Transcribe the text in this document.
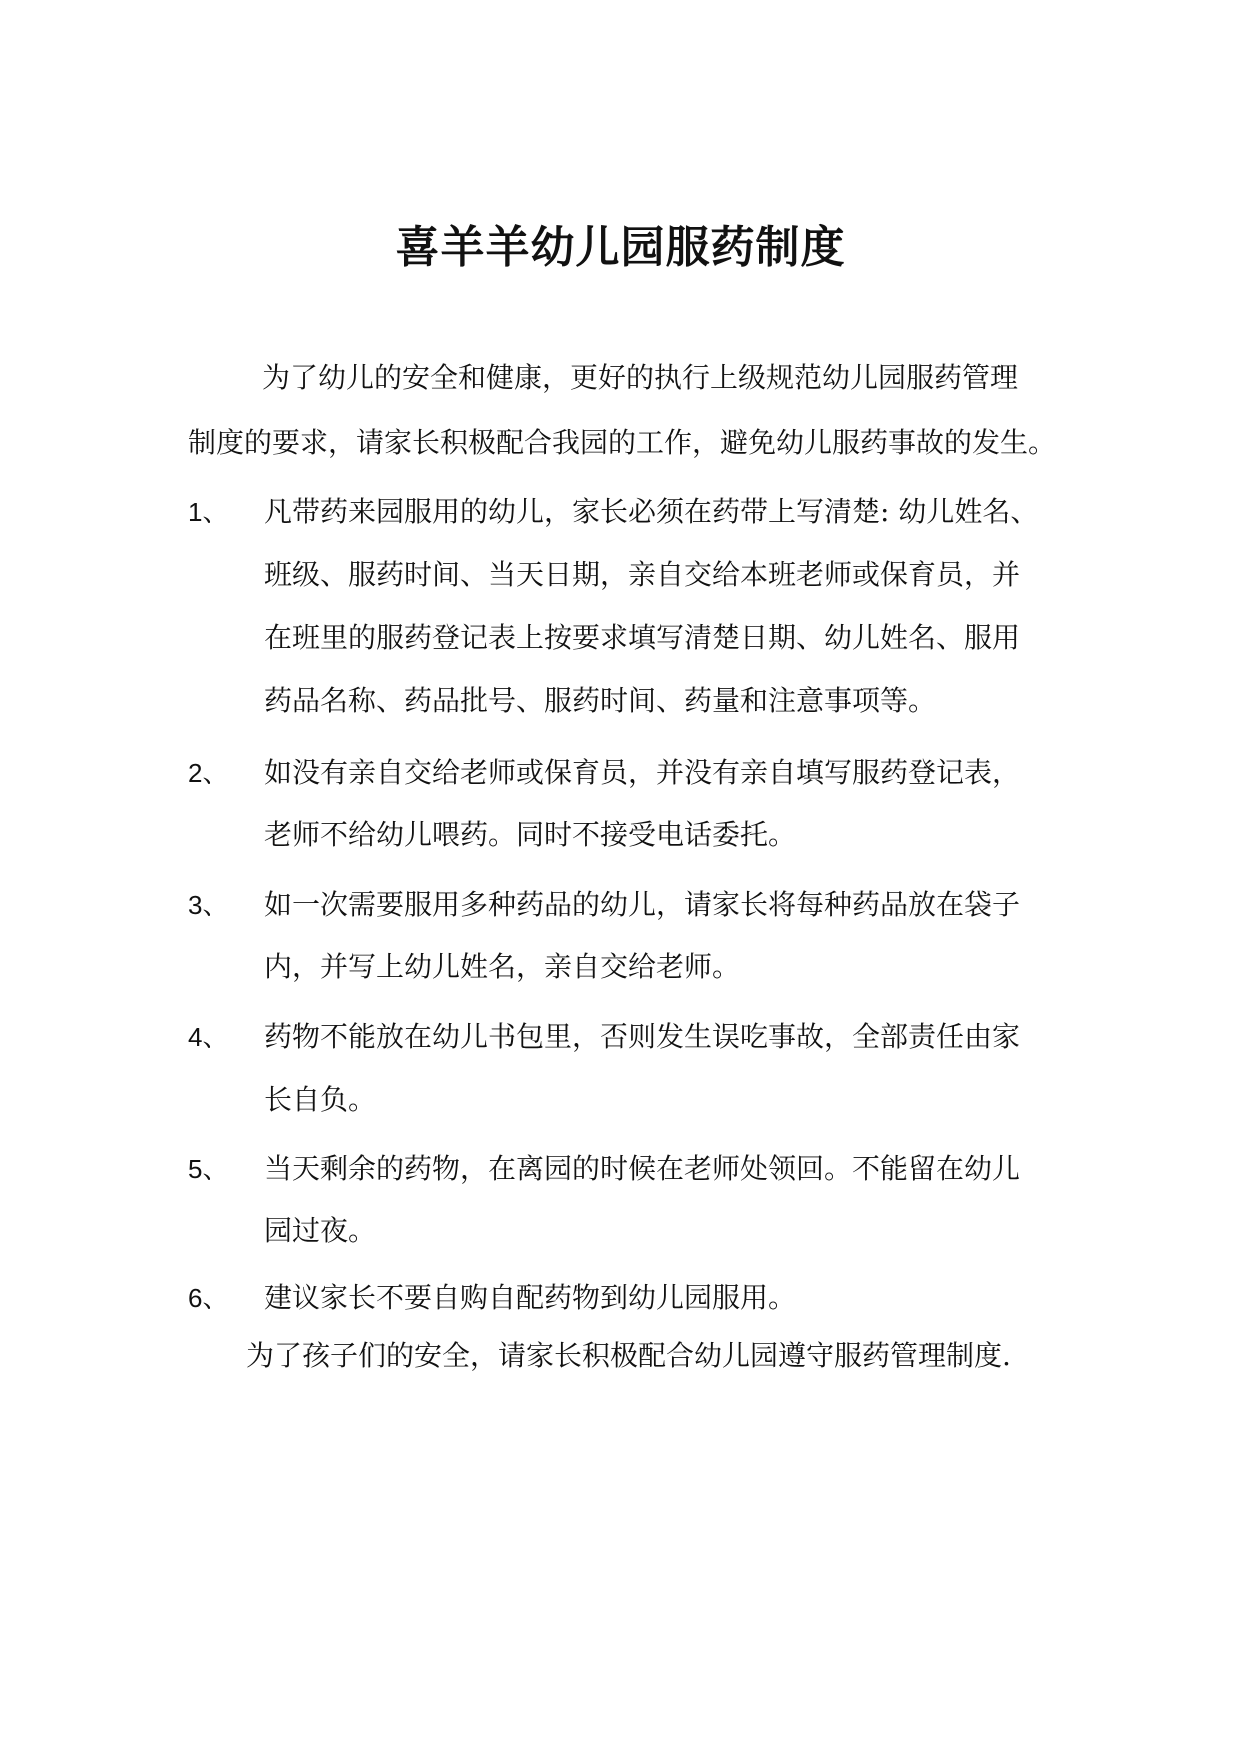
喜羊羊幼儿园服药制度
为了幼儿的安全和健康，更好的执行上级规范幼儿园服药管理
制度的要求，请家长积极配合我园的工作，避免幼儿服药事故的发生。
1、 凡带药来园服用的幼儿，家长必须在药带上写清楚: 幼儿姓名、
班级、服药时间、当天日期，亲自交给本班老师或保育员，并
在班里的服药登记表上按要求填写清楚日期、幼儿姓名、服用
药品名称、药品批号、服药时间、药量和注意事项等。
2、 如没有亲自交给老师或保育员，并没有亲自填写服药登记表，
老师不给幼儿喂药。同时不接受电话委托。
3、 如一次需要服用多种药品的幼儿，请家长将每种药品放在袋子
内，并写上幼儿姓名，亲自交给老师。
4、 药物不能放在幼儿书包里，否则发生误吃事故，全部责任由家
长自负。
5、 当天剩余的药物，在离园的时候在老师处领回。不能留在幼儿
园过夜。
6、 建议家长不要自购自配药物到幼儿园服用。
为了孩子们的安全，请家长积极配合幼儿园遵守服药管理制度.
